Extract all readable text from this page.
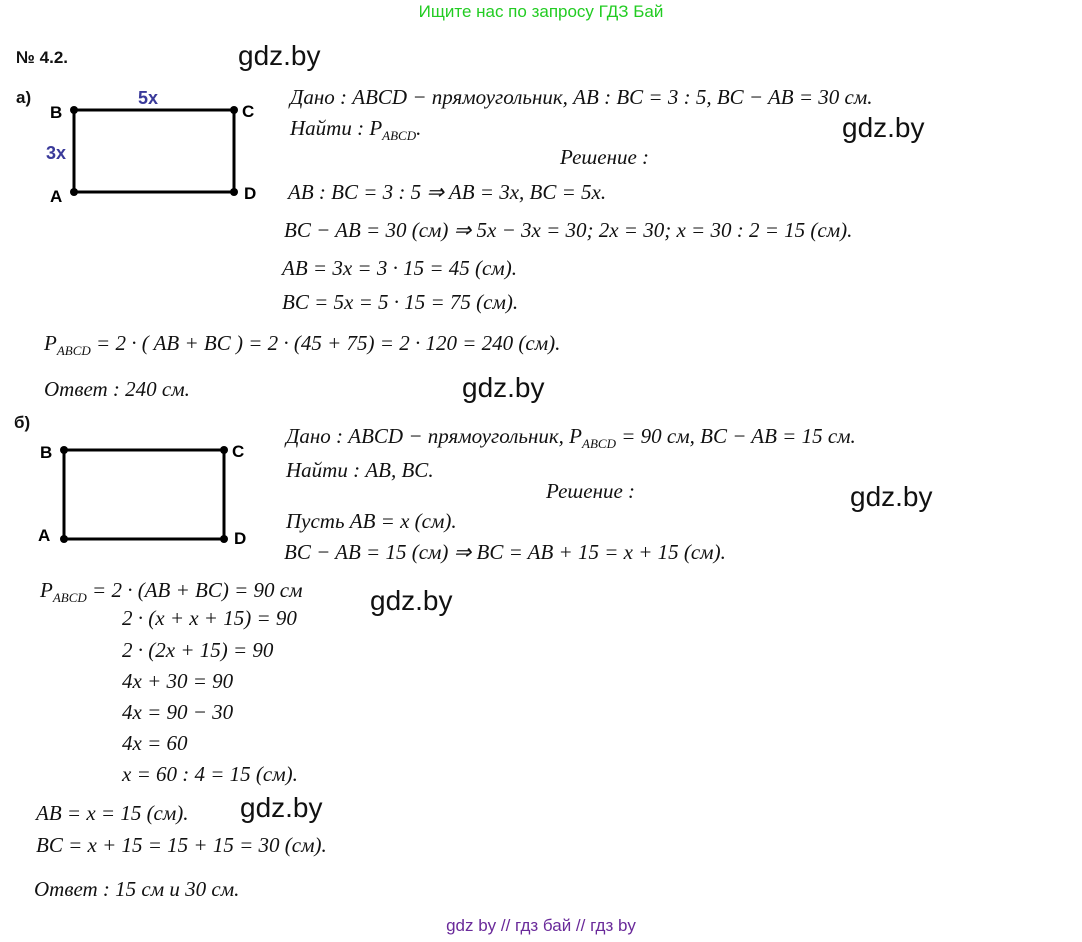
Ищите нас по запросу ГДЗ Бай
№ 4.2.	gdz.by
gdz.by
gdz.by
gdz.by
gdz.by
gdz.by
а)
B	C
A	D
5x
3x
Дано : ABCD − прямоугольник, AB : BC = 3 : 5, BC − AB = 30 см.
Найти : $P_{ABCD}$.
Решение :
AB : BC = 3 : 5 ⇒ AB = 3x, BC = 5x.
BC − AB = 30 (см) ⇒ 5x − 3x = 30; 2x = 30; x = 30 : 2 = 15 (см).
AB = 3x = 3 · 15 = 45 (см).
BC = 5x = 5 · 15 = 75 (см).
$P_{ABCD} = 2$ · ( AB + BC ) = 2 · (45 + 75) = 2 · 120 = 240 (см).
Ответ : 240 см.
б)
B	C
A	D
Дано : ABCD − прямоугольник, $P_{ABCD} = 90$ см, BC − AB = 15 см.
Найти : AB, BC.
Решение :
Пусть AB = x (см).
BC − AB = 15 (см) ⇒ BC = AB + 15 = x + 15 (см).
$P_{ABCD} = 2 \cdot (AB + BC) = 90$ см
2 · (x + x + 15) = 90
2 · (2x + 15) = 90
4x + 30 = 90
4x = 90 − 30
4x = 60
x = 60 : 4 = 15 (см).
AB = x = 15 (см).
BC = x + 15 = 15 + 15 = 30 (см).
Ответ : 15 см и 30 см.
gdz by // гдз бай // гдз by
